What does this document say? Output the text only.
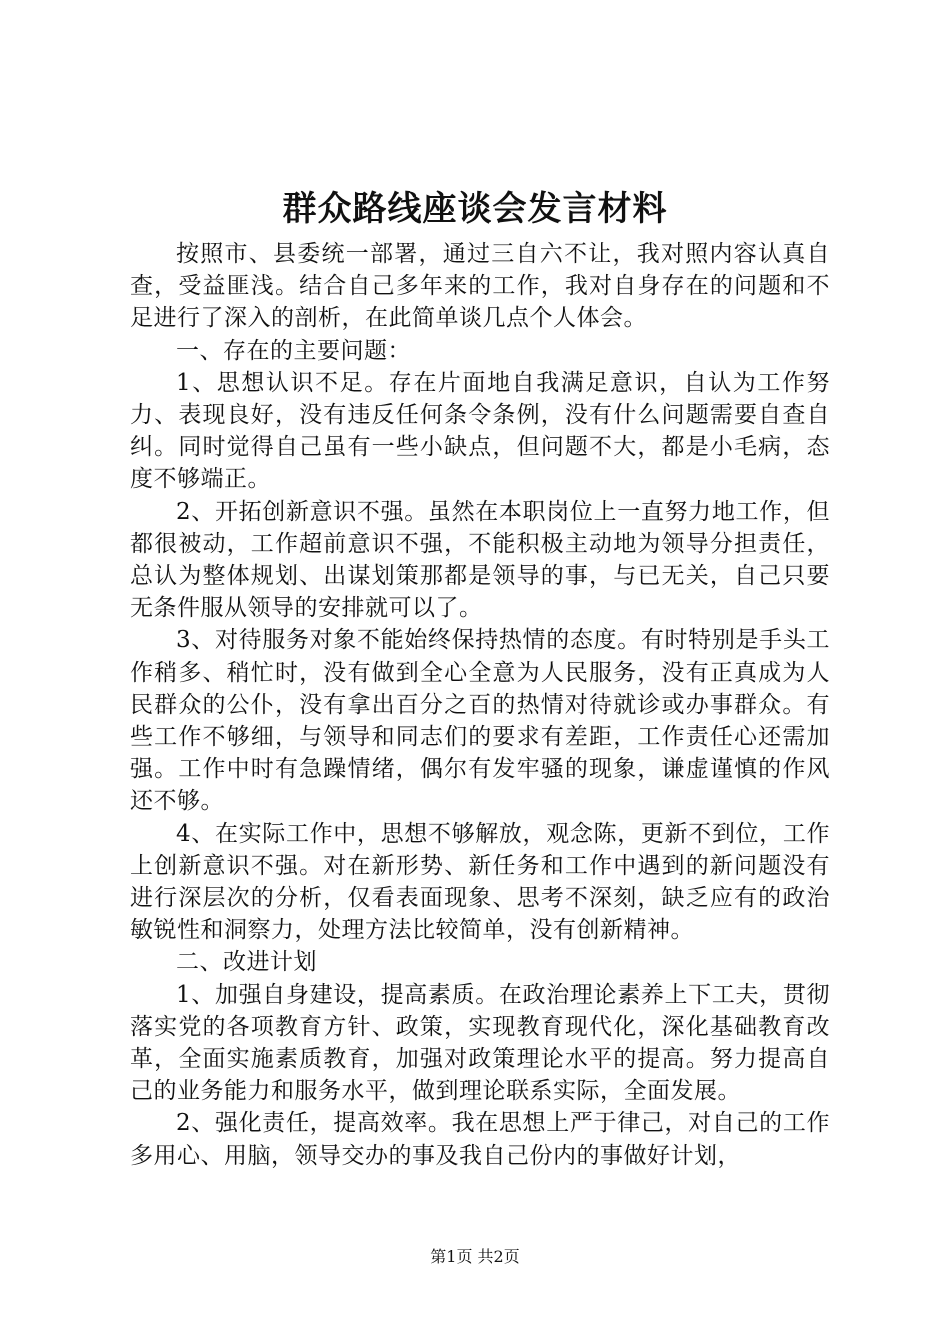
群众路线座谈会发言材料

按照市、县委统一部署，通过三自六不让，我对照内容认真自查，受益匪浅。结合自己多年来的工作，我对自身存在的问题和不足进行了深入的剖析，在此简单谈几点个人体会。

一、存在的主要问题：

1、思想认识不足。存在片面地自我满足意识，自认为工作努力、表现良好，没有违反任何条令条例，没有什么问题需要自查自纠。同时觉得自己虽有一些小缺点，但问题不大，都是小毛病，态度不够端正。

2、开拓创新意识不强。虽然在本职岗位上一直努力地工作，但都很被动，工作超前意识不强，不能积极主动地为领导分担责任，总认为整体规划、出谋划策那都是领导的事，与已无关，自己只要无条件服从领导的安排就可以了。

3、对待服务对象不能始终保持热情的态度。有时特别是手头工作稍多、稍忙时，没有做到全心全意为人民服务，没有正真成为人民群众的公仆，没有拿出百分之百的热情对待就诊或办事群众。有些工作不够细，与领导和同志们的要求有差距，工作责任心还需加强。工作中时有急躁情绪，偶尔有发牢骚的现象，谦虚谨慎的作风还不够。

4、在实际工作中，思想不够解放，观念陈，更新不到位，工作上创新意识不强。对在新形势、新任务和工作中遇到的新问题没有进行深层次的分析，仅看表面现象、思考不深刻，缺乏应有的政治敏锐性和洞察力，处理方法比较简单，没有创新精神。

二、改进计划

1、加强自身建设，提高素质。在政治理论素养上下工夫，贯彻落实党的各项教育方针、政策，实现教育现代化，深化基础教育改革，全面实施素质教育，加强对政策理论水平的提高。努力提高自己的业务能力和服务水平，做到理论联系实际，全面发展。

2、强化责任，提高效率。我在思想上严于律己，对自己的工作多用心、用脑，领导交办的事及我自己份内的事做好计划，

第1页 共2页
